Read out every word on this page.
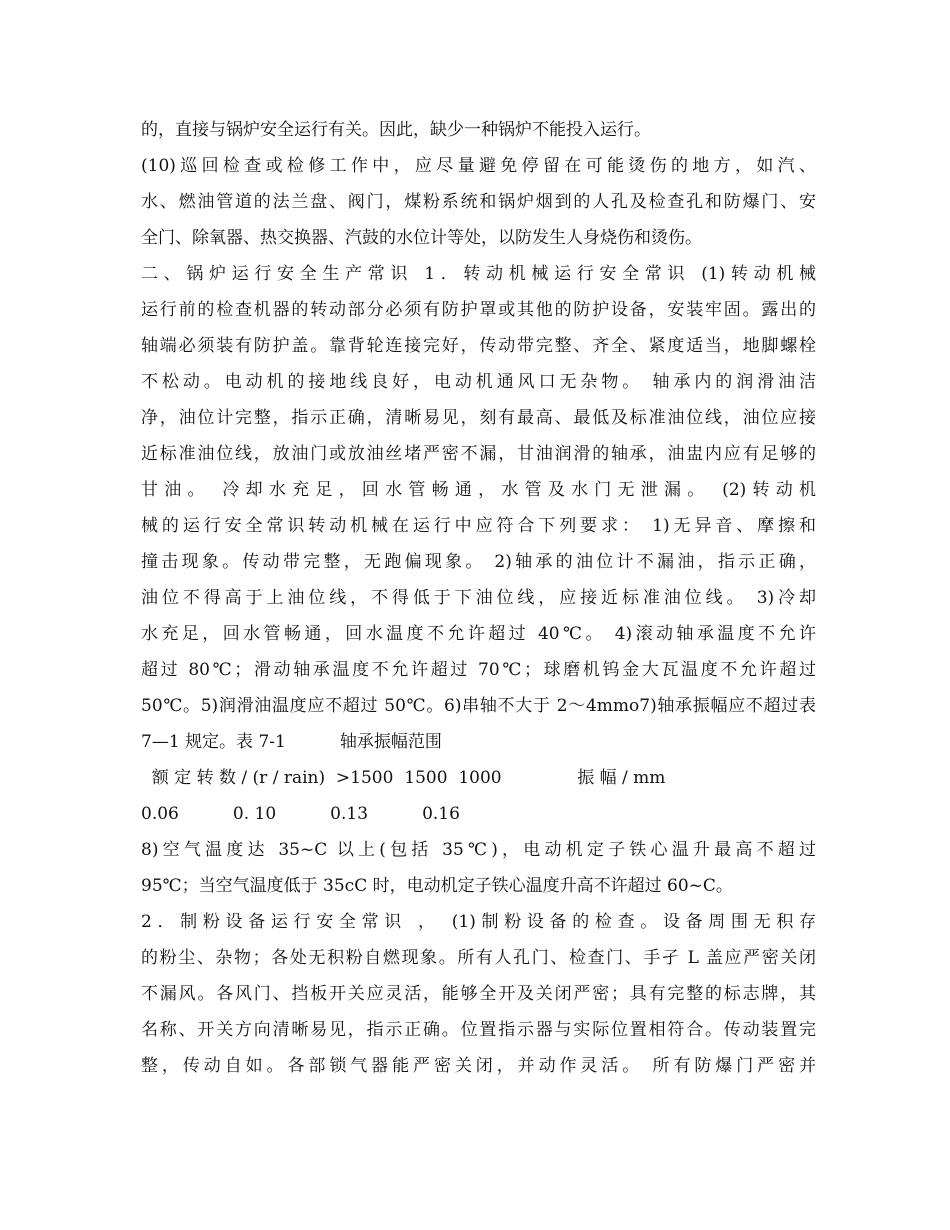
的，直接与锅炉安全运行有关。因此，缺少一种锅炉不能投入运行。
(10)巡回检查或检修工作中，应尽量避免停留在可能烫伤的地方，如汽、
水、燃油管道的法兰盘、阀门，煤粉系统和锅炉烟到的人孔及检查孔和防爆门、安
全门、除氧器、热交换器、汽鼓的水位计等处，以防发生人身烧伤和烫伤。
二、锅炉运行安全生产常识 1．转动机械运行安全常识 (1)转动机械
运行前的检查机器的转动部分必须有防护罩或其他的防护设备，安装牢固。露出的
轴端必须装有防护盖。靠背轮连接完好，传动带完整、齐全、紧度适当，地脚螺栓
不松动。电动机的接地线良好，电动机通风口无杂物。 轴承内的润滑油洁
净，油位计完整，指示正确，清晰易见，刻有最高、最低及标准油位线，油位应接
近标准油位线，放油门或放油丝堵严密不漏，甘油润滑的轴承，油盅内应有足够的
甘油。 冷却水充足，回水管畅通，水管及水门无泄漏。 (2)转动机
械的运行安全常识转动机械在运行中应符合下列要求： 1)无异音、摩擦和
撞击现象。传动带完整，无跑偏现象。 2)轴承的油位计不漏油，指示正确，
油位不得高于上油位线，不得低于下油位线，应接近标准油位线。 3)冷却
水充足，回水管畅通，回水温度不允许超过 40℃。 4)滚动轴承温度不允许
超过 80℃；滑动轴承温度不允许超过 70℃；球磨机钨金大瓦温度不允许超过
50℃。5)润滑油温度应不超过 50℃。6)串轴不大于 2～4mmo7)轴承振幅应不超过表
7—1 规定。表 7-1          轴承振幅范围
额 定 转 数 / (r / rain)  >1500  1500  1000              振 幅 / mm
0.06          0. 10          0.13          0.16
8)空气温度达 35~C 以上(包括 35℃)，电动机定子铁心温升最高不超过
95℃；当空气温度低于 35cC 时，电动机定子铁心温度升高不许超过 60~C。
2．制粉设备运行安全常识 ， (1)制粉设备的检查。设备周围无积存
的粉尘、杂物；各处无积粉自燃现象。所有人孔门、检查门、手孑 L 盖应严密关闭
不漏风。各风门、挡板开关应灵活，能够全开及关闭严密；具有完整的标志牌，其
名称、开关方向清晰易见，指示正确。位置指示器与实际位置相符合。传动装置完
整，传动自如。各部锁气器能严密关闭，并动作灵活。 所有防爆门严密并
